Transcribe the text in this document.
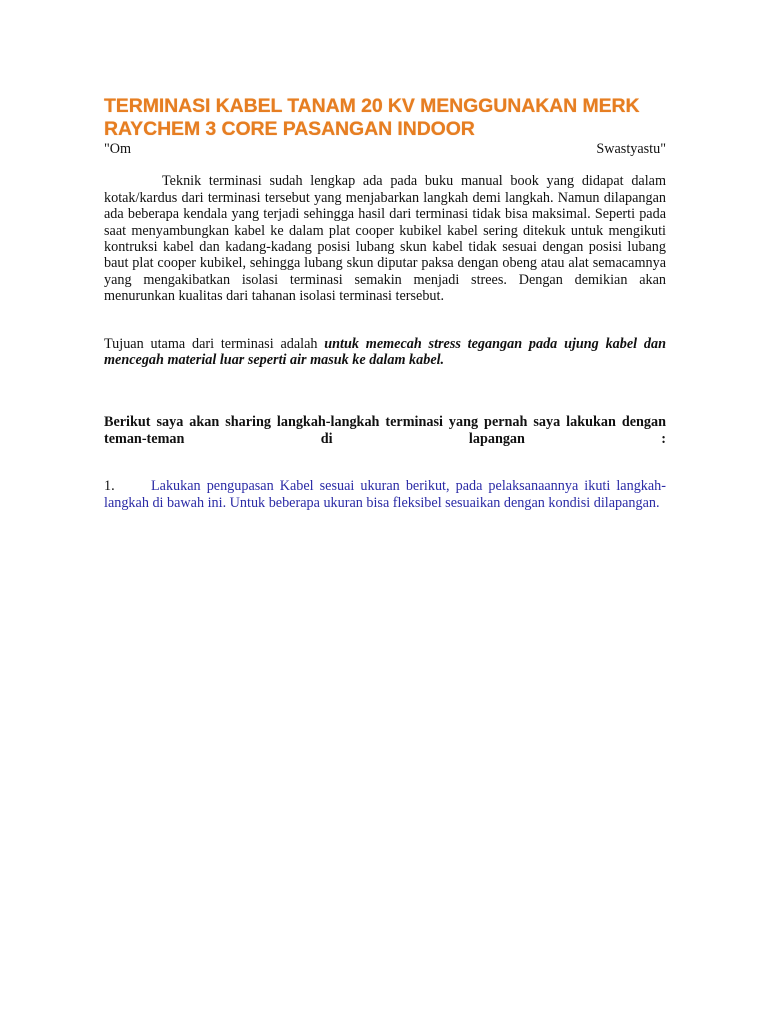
TERMINASI KABEL TANAM 20 KV MENGGUNAKAN MERK
RAYCHEM 3 CORE PASANGAN INDOOR
"Om	Swastyastu"

Teknik terminasi sudah lengkap ada pada buku manual book yang didapat dalam kotak/kardus dari terminasi tersebut yang menjabarkan langkah demi langkah. Namun dilapangan ada beberapa kendala yang terjadi sehingga hasil dari terminasi tidak bisa maksimal. Seperti pada saat menyambungkan kabel ke dalam plat cooper kubikel kabel sering ditekuk untuk mengikuti kontruksi kabel dan kadang-kadang posisi lubang skun kabel tidak sesuai dengan posisi lubang baut plat cooper kubikel, sehingga lubang skun diputar paksa dengan obeng atau alat semacamnya yang mengakibatkan isolasi terminasi semakin menjadi strees. Dengan demikian akan menurunkan kualitas dari tahanan isolasi terminasi tersebut.

Tujuan utama dari terminasi adalah untuk memecah stress tegangan pada ujung kabel dan mencegah material luar seperti air masuk ke dalam kabel.

Berikut saya akan sharing langkah-langkah terminasi yang pernah saya lakukan dengan teman-teman di lapangan :

1.	Lakukan pengupasan Kabel sesuai ukuran berikut, pada pelaksanaannya ikuti langkah-langkah di bawah ini. Untuk beberapa ukuran bisa fleksibel sesuaikan dengan kondisi dilapangan.
